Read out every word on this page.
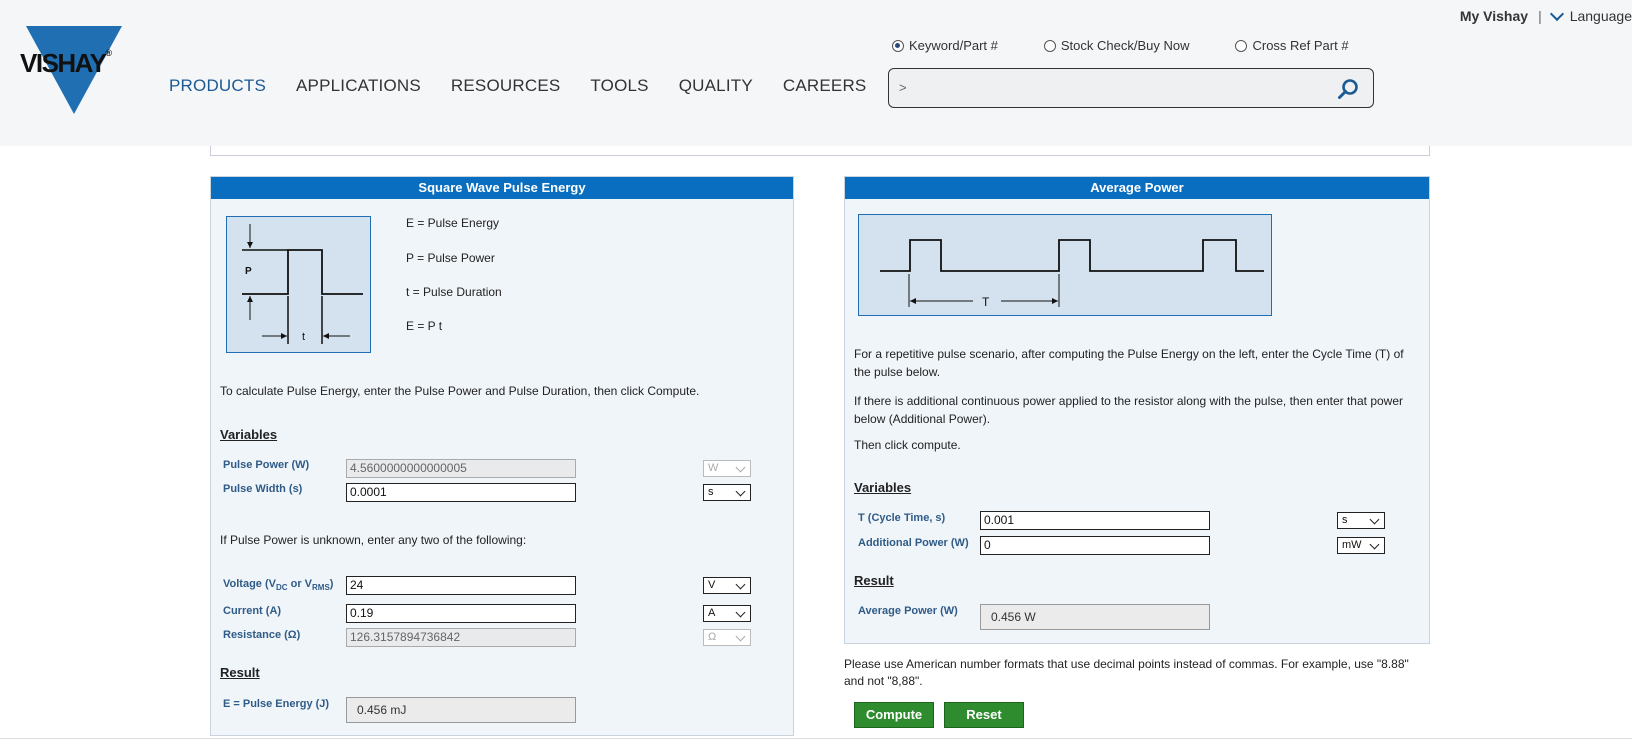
VISHAY®
PRODUCTS APPLICATIONS RESOURCES TOOLS QUALITY CAREERS
My Vishay | Language
Keyword/Part #	Stock Check/Buy Now	Cross Ref Part #
>
Square Wave Pulse Energy
P
t
E = Pulse Energy
P = Pulse Power
t = Pulse Duration
E = P t
To calculate Pulse Energy, enter the Pulse Power and Pulse Duration, then click Compute.
Variables
Pulse Power (W)	4.5600000000000005	W
Pulse Width (s)	0.0001	s
If Pulse Power is unknown, enter any two of the following:
Voltage ($V_{DC}$ or $V_{RMS}$)	24	V
Current (A)	0.19	A
Resistance (Ω)	126.3157894736842	Ω
Result
E = Pulse Energy (J)	0.456 mJ
Average Power
T
For a repetitive pulse scenario, after computing the Pulse Energy on the left, enter the Cycle Time (T) of the pulse below.
If there is additional continuous power applied to the resistor along with the pulse, then enter that power below (Additional Power).
Then click compute.
Variables
T (Cycle Time, s)	0.001	s
Additional Power (W)	0	mW
Result
Average Power (W)	0.456 W
Please use American number formats that use decimal points instead of commas. For example, use "8.88" and not "8,88".
Compute	Reset
